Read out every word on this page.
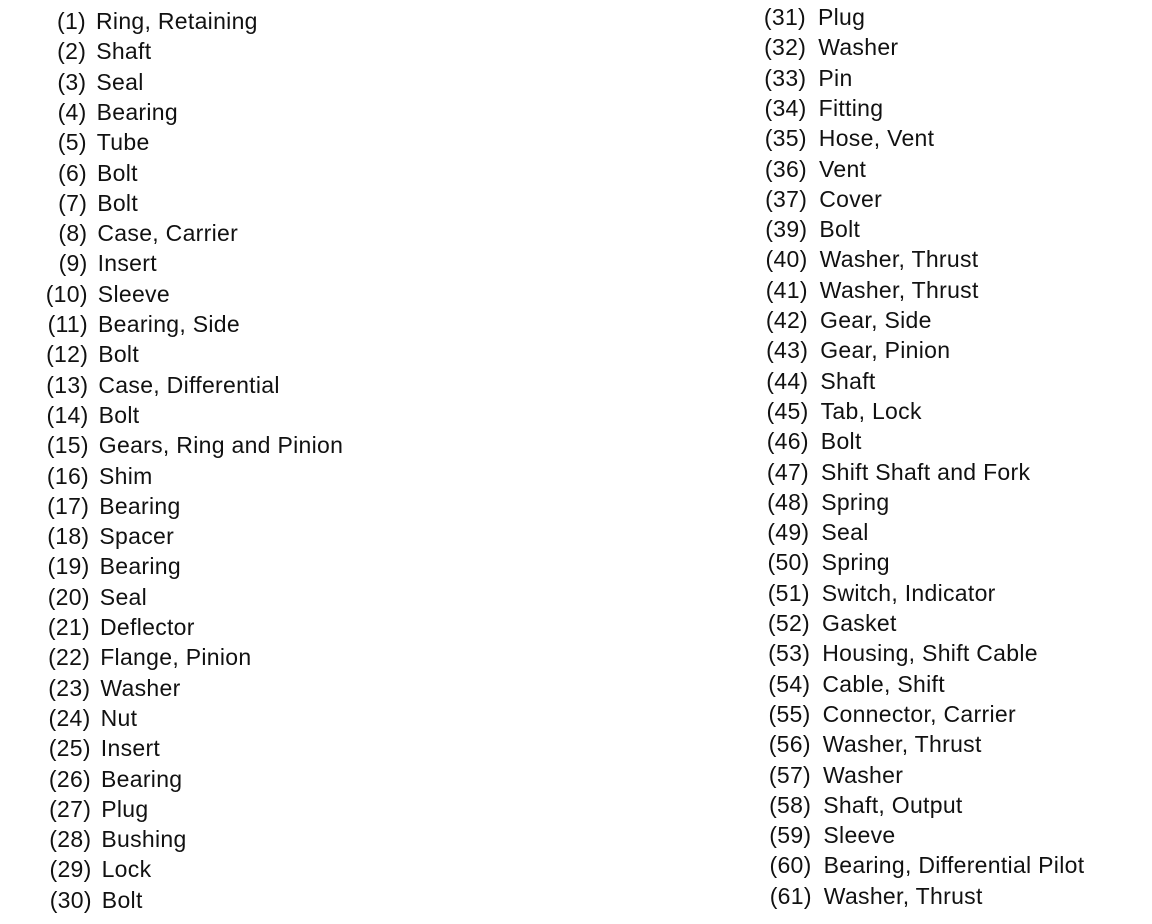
(1) Ring, Retaining
(2) Shaft
(3) Seal
(4) Bearing
(5) Tube
(6) Bolt
(7) Bolt
(8) Case, Carrier
(9) Insert
(10) Sleeve
(11) Bearing, Side
(12) Bolt
(13) Case, Differential
(14) Bolt
(15) Gears, Ring and Pinion
(16) Shim
(17) Bearing
(18) Spacer
(19) Bearing
(20) Seal
(21) Deflector
(22) Flange, Pinion
(23) Washer
(24) Nut
(25) Insert
(26) Bearing
(27) Plug
(28) Bushing
(29) Lock
(30) Bolt
(31) Plug
(32) Washer
(33) Pin
(34) Fitting
(35) Hose, Vent
(36) Vent
(37) Cover
(39) Bolt
(40) Washer, Thrust
(41) Washer, Thrust
(42) Gear, Side
(43) Gear, Pinion
(44) Shaft
(45) Tab, Lock
(46) Bolt
(47) Shift Shaft and Fork
(48) Spring
(49) Seal
(50) Spring
(51) Switch, Indicator
(52) Gasket
(53) Housing, Shift Cable
(54) Cable, Shift
(55) Connector, Carrier
(56) Washer, Thrust
(57) Washer
(58) Shaft, Output
(59) Sleeve
(60) Bearing, Differential Pilot
(61) Washer, Thrust
